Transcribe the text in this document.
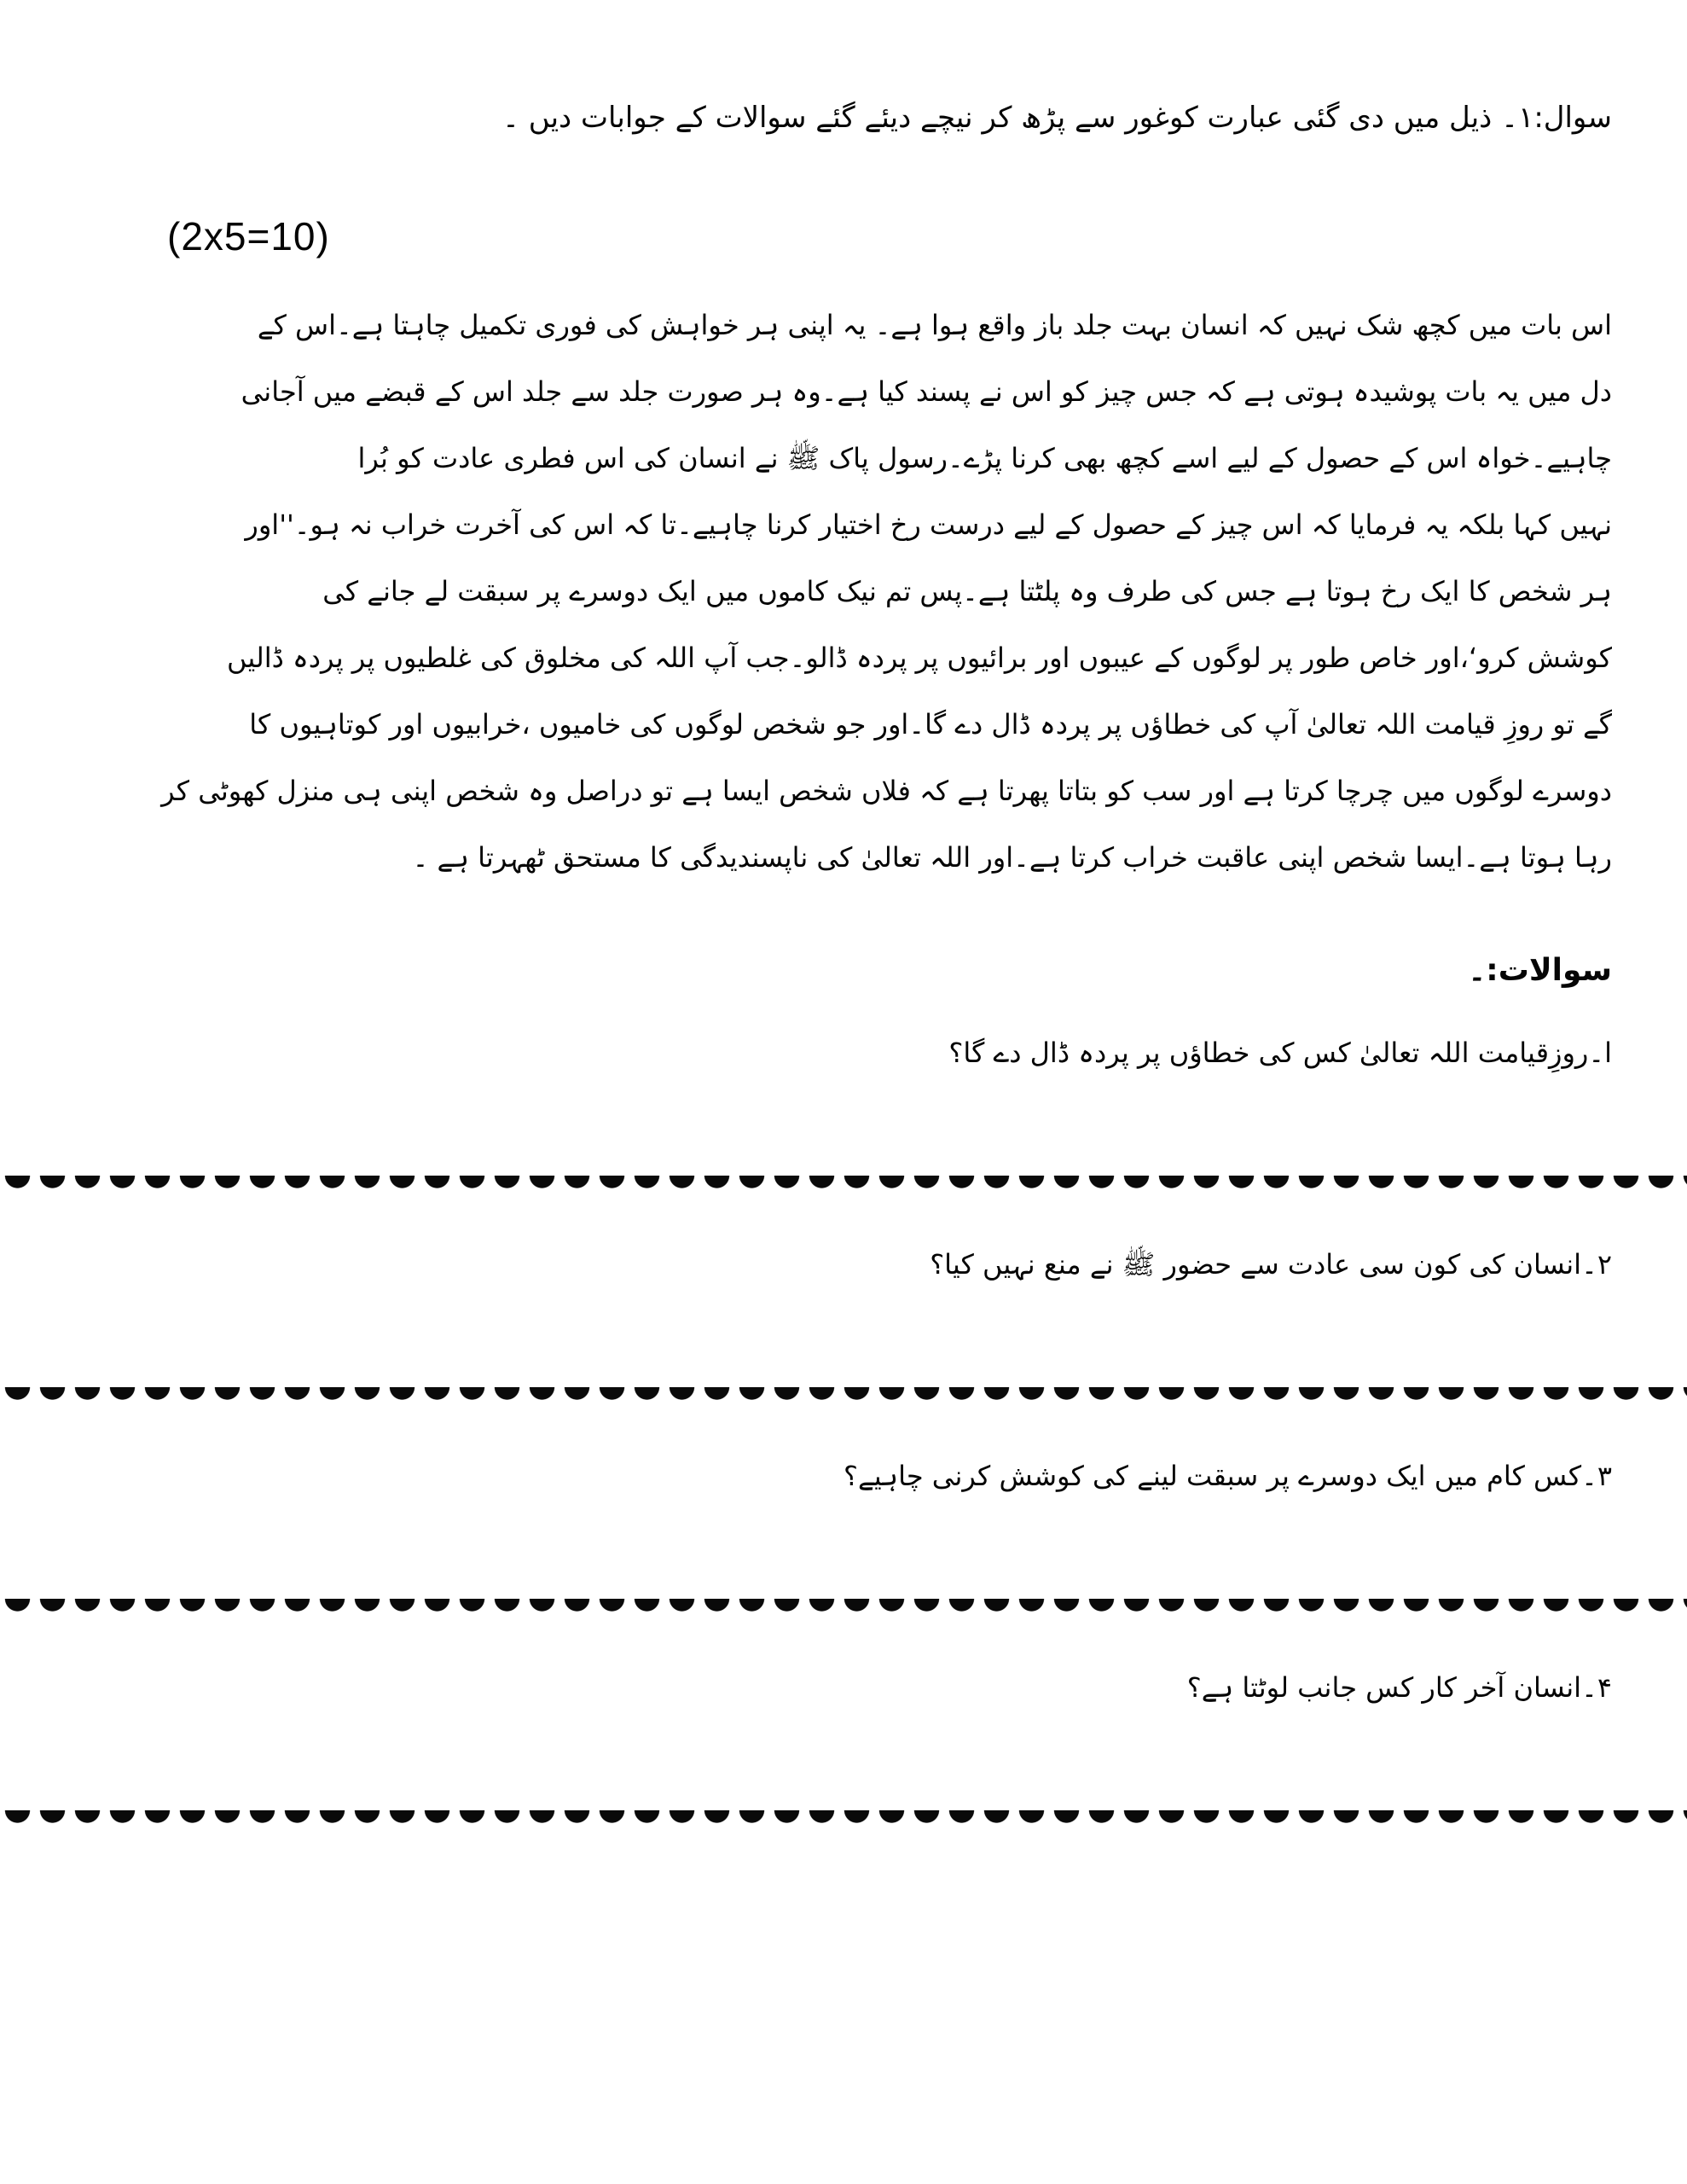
سوال:۱۔ ذیل میں دی گئی عبارت کوغور سے پڑھ کر نیچے دیئے گئے سوالات کے جوابات دیں ۔
(2x5=10)
اس بات میں کچھ شک نہیں کہ انسان بہت جلد باز واقع ہوا ہے۔ یہ اپنی ہر خواہش کی فوری تکمیل چاہتا ہے۔اس کے
دل میں یہ بات پوشیدہ ہوتی ہے کہ جس چیز کو اس نے پسند کیا ہے۔وہ ہر صورت جلد سے جلد اس کے قبضے میں آجانی
چاہیے۔خواہ اس کے حصول کے لیے اسے کچھ بھی کرنا پڑے۔رسول پاک ﷺ نے انسان کی اس فطری عادت کو بُرا
نہیں کہا بلکہ یہ فرمایا کہ اس چیز کے حصول کے لیے درست رخ اختیار کرنا چاہیے۔تا کہ اس کی آخرت خراب نہ ہو۔''اور
ہر شخص کا ایک رخ ہوتا ہے جس کی طرف وہ پلٹتا ہے۔پس تم نیک کاموں میں ایک دوسرے پر سبقت لے جانے کی
کوشش کرو‘،اور خاص طور پر لوگوں کے عیبوں اور برائیوں پر پردہ ڈالو۔جب آپ اللہ کی مخلوق کی غلطیوں پر پردہ ڈالیں
گے تو روزِ قیامت اللہ تعالیٰ آپ کی خطاؤں پر پردہ ڈال دے گا۔اور جو شخص لوگوں کی خامیوں ،خرابیوں اور کوتاہیوں کا
دوسرے لوگوں میں چرچا کرتا ہے اور سب کو بتاتا پھرتا ہے کہ فلاں شخص ایسا ہے تو دراصل وہ شخص اپنی ہی منزل کھوٹی کر
رہا ہوتا ہے۔ایسا شخص اپنی عاقبت خراب کرتا ہے۔اور اللہ تعالیٰ کی ناپسندیدگی کا مستحق ٹھہرتا ہے ۔
سوالات:۔
ا۔روزِقیامت اللہ تعالیٰ کس کی خطاؤں پر پردہ ڈال دے گا؟
۲۔انسان کی کون سی عادت سے حضور ﷺ نے منع نہیں کیا؟
۳۔کس کام میں ایک دوسرے پر سبقت لینے کی کوشش کرنی چاہیے؟
۴۔انسان آخر کار کس جانب لوٹتا ہے؟
